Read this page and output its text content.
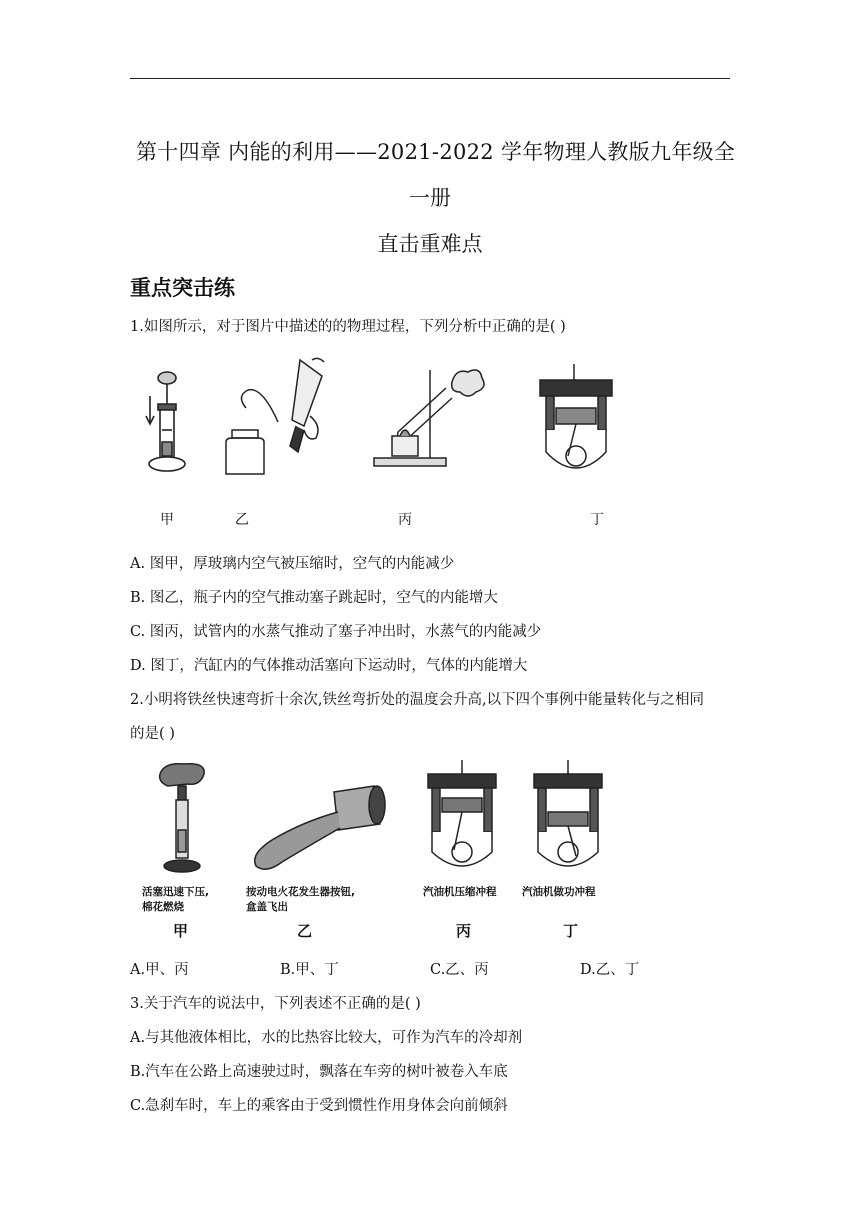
第十四章 内能的利用——2021-2022 学年物理人教版九年级全
一册
直击重难点
重点突击练
1.如图所示，对于图片中描述的的物理过程，下列分析中正确的是( )
甲	乙	丙	丁
A. 图甲，厚玻璃内空气被压缩时，空气的内能减少
B. 图乙，瓶子内的空气推动塞子跳起时，空气的内能增大
C. 图丙，试管内的水蒸气推动了塞子冲出时，水蒸气的内能减少
D. 图丁，汽缸内的气体推动活塞向下运动时，气体的内能增大
2.小明将铁丝快速弯折十余次,铁丝弯折处的温度会升高,以下四个事例中能量转化与之相同
的是( )
活塞迅速下压,
棉花燃烧
按动电火花发生器按钮,
盒盖飞出
汽油机压缩冲程 汽油机做功冲程
甲	乙	丙	丁
A.甲、丙	B.甲、丁	C.乙、丙	D.乙、丁
3.关于汽车的说法中，下列表述不正确的是( )
A.与其他液体相比，水的比热容比较大，可作为汽车的冷却剂
B.汽车在公路上高速驶过时，飘落在车旁的树叶被卷入车底
C.急刹车时，车上的乘客由于受到惯性作用身体会向前倾斜
